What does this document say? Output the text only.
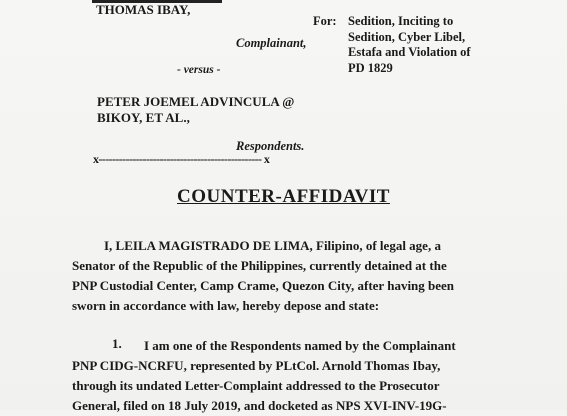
THOMAS IBAY,
Complainant,
- versus -
PETER JOEMEL ADVINCULA @
BIKOY, ET AL.,
Respondents.
x------------------------------------------------ x
For: Sedition, Inciting to Sedition, Cyber Libel, Estafa and Violation of PD 1829
COUNTER-AFFIDAVIT
I, LEILA MAGISTRADO DE LIMA, Filipino, of legal age, a
Senator of the Republic of the Philippines, currently detained at the
PNP Custodial Center, Camp Crame, Quezon City, after having been
sworn in accordance with law, hereby depose and state:
1.	I am one of the Respondents named by the Complainant
PNP CIDG-NCRFU, represented by PLtCol. Arnold Thomas Ibay,
through its undated Letter-Complaint addressed to the Prosecutor
General, filed on 18 July 2019, and docketed as NPS XVI-INV-19G-
